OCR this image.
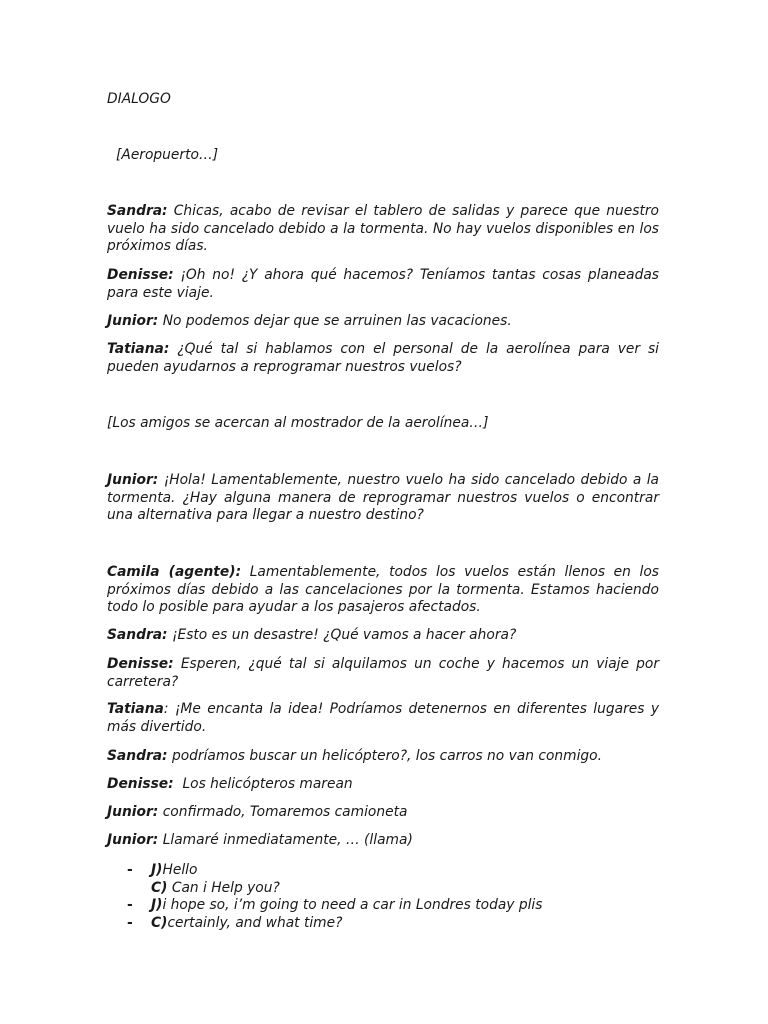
DIALOGO
[Aeropuerto…]
Sandra: Chicas, acabo de revisar el tablero de salidas y parece que nuestro vuelo ha sido cancelado debido a la tormenta. No hay vuelos disponibles en los próximos días.
Denisse: ¡Oh no! ¿Y ahora qué hacemos? Teníamos tantas cosas planeadas para este viaje.
Junior: No podemos dejar que se arruinen las vacaciones.
Tatiana: ¿Qué tal si hablamos con el personal de la aerolínea para ver si pueden ayudarnos a reprogramar nuestros vuelos?
[Los amigos se acercan al mostrador de la aerolínea…]
Junior: ¡Hola! Lamentablemente, nuestro vuelo ha sido cancelado debido a la tormenta. ¿Hay alguna manera de reprogramar nuestros vuelos o encontrar una alternativa para llegar a nuestro destino?
Camila (agente): Lamentablemente, todos los vuelos están llenos en los próximos días debido a las cancelaciones por la tormenta. Estamos haciendo todo lo posible para ayudar a los pasajeros afectados.
Sandra: ¡Esto es un desastre! ¿Qué vamos a hacer ahora?
Denisse: Esperen, ¿qué tal si alquilamos un coche y hacemos un viaje por carretera?
Tatiana: ¡Me encanta la idea! Podríamos detenernos en diferentes lugares y más divertido.
Sandra: podríamos buscar un helicóptero?, los carros no van conmigo.
Denisse:  Los helicópteros marean
Junior: confirmado, Tomaremos camioneta
Junior: Llamaré inmediatamente, … (llama)
- J)Hello
C) Can i Help you?
- J)i hope so, i’m going to need a car in Londres today plis
- C)certainly, and what time?
